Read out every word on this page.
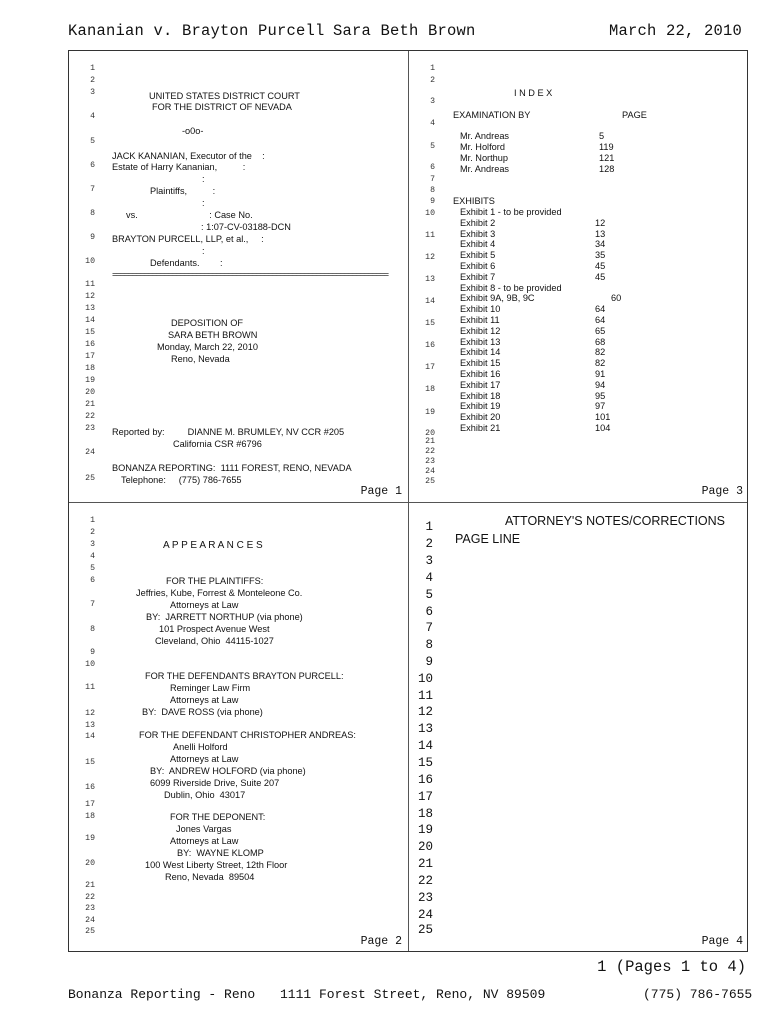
Kananian v. Brayton Purcell Sara Beth Brown	March 22, 2010
1
2
3
4
5
6
7
8
9
10
11
12
13
14
15
16
17
18
19
20
21
22
23
24
25
UNITED STATES DISTRICT COURT
FOR THE DISTRICT OF NEVADA
-o0o-
JACK KANANIAN, Executor of the    :
Estate of Harry Kananian,          :
:
Plaintiffs,          :
:
vs.                            : Case No.
: 1:07-CV-03188-DCN
BRAYTON PURCELL, LLP, et al.,     :
:
Defendants.        :
=====================================================================
DEPOSITION OF
SARA BETH BROWN
Monday, March 22, 2010
Reno, Nevada
Reported by:         DIANNE M. BRUMLEY, NV CCR #205
California CSR #6796
BONANZA REPORTING:  1111 FOREST, RENO, NEVADA
Telephone:     (775) 786-7655
Page 1
1
2
3
4
5
6
7
8
9
10
11
12
13
14
15
16
17
18
19
20
21
22
23
24
25
I N D E X
EXAMINATION BY	PAGE
Mr. Andreas	5
Mr. Holford	119
Mr. Northup	121
Mr. Andreas	128
EXHIBITS
Exhibit 1 - to be provided
Exhibit 2	12
Exhibit 3	13
Exhibit 4	34
Exhibit 5	35
Exhibit 6	45
Exhibit 7	45
Exhibit 8 - to be provided
Exhibit 9A, 9B, 9C	60
Exhibit 10	64
Exhibit 11	64
Exhibit 12	65
Exhibit 13	68
Exhibit 14	82
Exhibit 15	82
Exhibit 16	91
Exhibit 17	94
Exhibit 18	95
Exhibit 19	97
Exhibit 20	101
Exhibit 21	104
Page 3
1
2
3
4
5
6
7
8
9
10
11
12
13
14
15
16
17
18
19
20
21
22
23
24
25
A P P E A R A N C E S
FOR THE PLAINTIFFS:
Jeffries, Kube, Forrest & Monteleone Co.
Attorneys at Law
BY:  JARRETT NORTHUP (via phone)
101 Prospect Avenue West
Cleveland, Ohio  44115-1027
FOR THE DEFENDANTS BRAYTON PURCELL:
Reminger Law Firm
Attorneys at Law
BY:  DAVE ROSS (via phone)
FOR THE DEFENDANT CHRISTOPHER ANDREAS:
Anelli Holford
Attorneys at Law
BY:  ANDREW HOLFORD (via phone)
6099 Riverside Drive, Suite 207
Dublin, Ohio  43017
FOR THE DEPONENT:
Jones Vargas
Attorneys at Law
BY:  WAYNE KLOMP
100 West Liberty Street, 12th Floor
Reno, Nevada  89504
Page 2
1
2
3
4
5
6
7
8
9
10
11
12
13
14
15
16
17
18
19
20
21
22
23
24
25
ATTORNEY'S NOTES/CORRECTIONS
PAGE LINE
Page 4
1 (Pages 1 to 4)
Bonanza Reporting - Reno 1111 Forest Street, Reno, NV 89509	(775) 786-7655
